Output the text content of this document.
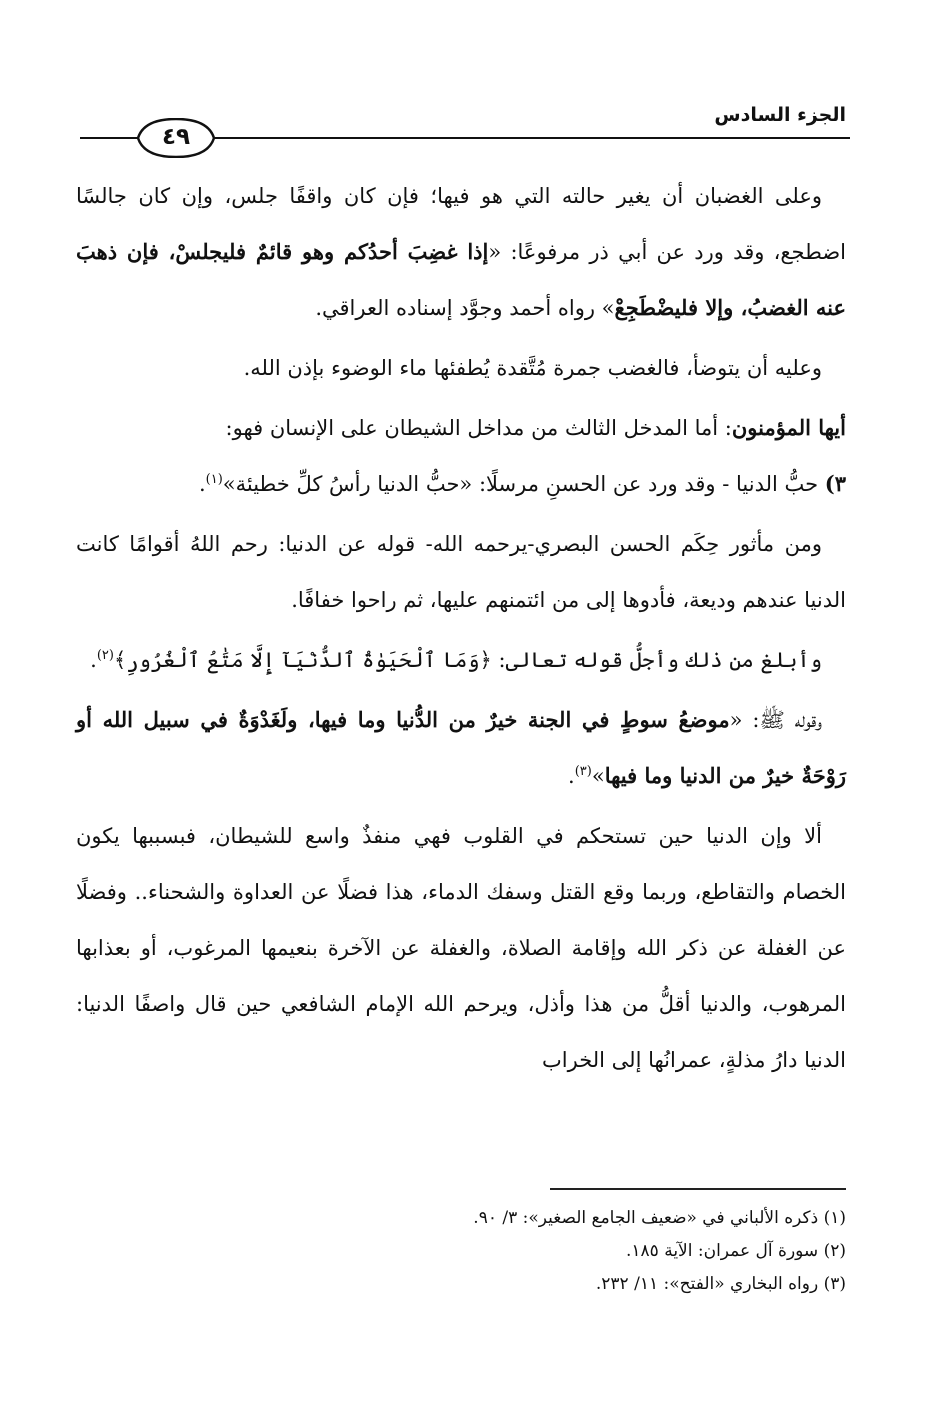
الجزء السادس
٤٩

وعلى الغضبان أن يغير حالته التي هو فيها؛ فإن كان واقفًا جلس، وإن كان جالسًا اضطجع، وقد ورد عن أبي ذر مرفوعًا: «إذا غضِبَ أحدُكم وهو قائمٌ فليجلسْ، فإن ذهبَ عنه الغضبُ، وإلا فليضْطَجِعْ» رواه أحمد وجوَّد إسناده العراقي.

وعليه أن يتوضأ، فالغضب جمرة مُتَّقدة يُطفئها ماء الوضوء بإذن الله.

أيها المؤمنون: أما المدخل الثالث من مداخل الشيطان على الإنسان فهو:

٣) حبُّ الدنيا - وقد ورد عن الحسنِ مرسلًا: «حبُّ الدنيا رأسُ كلِّ خطيئة»$^{(١)}$.

ومن مأثور حِكَم الحسن البصري-يرحمه الله- قوله عن الدنيا: رحم اللهُ أقوامًا كانت الدنيا عندهم وديعة، فأدوها إلى من ائتمنهم عليها، ثم راحوا خفافًا.

وأبلغ من ذلك وأجلُّ قوله تعالى: ﴿وَمَا ٱلْحَيَوٰةُ ٱلدُّنْيَآ إِلَّا مَتَٰعُ ٱلْغُرُورِ﴾$^{(٢)}$.

وقوله ﷺ: «موضعُ سوطٍ في الجنة خيرٌ من الدُّنيا وما فيها، ولَغَدْوَةٌ في سبيل الله أو رَوْحَةٌ خيرٌ من الدنيا وما فيها»$^{(٣)}$.

ألا وإن الدنيا حين تستحكم في القلوب فهي منفذٌ واسع للشيطان، فبسببها يكون الخصام والتقاطع، وربما وقع القتل وسفك الدماء، هذا فضلًا عن العداوة والشحناء.. وفضلًا عن الغفلة عن ذكر الله وإقامة الصلاة، والغفلة عن الآخرة بنعيمها المرغوب، أو بعذابها المرهوب، والدنيا أقلُّ من هذا وأذل، ويرحم الله الإمام الشافعي حين قال واصفًا الدنيا: الدنيا دارُ مذلةٍ، عمرانُها إلى الخراب

(١) ذكره الألباني في «ضعيف الجامع الصغير»: ٣/ ٩٠.

(٢) سورة آل عمران: الآية ١٨٥.

(٣) رواه البخاري «الفتح»: ١١/ ٢٣٢.
